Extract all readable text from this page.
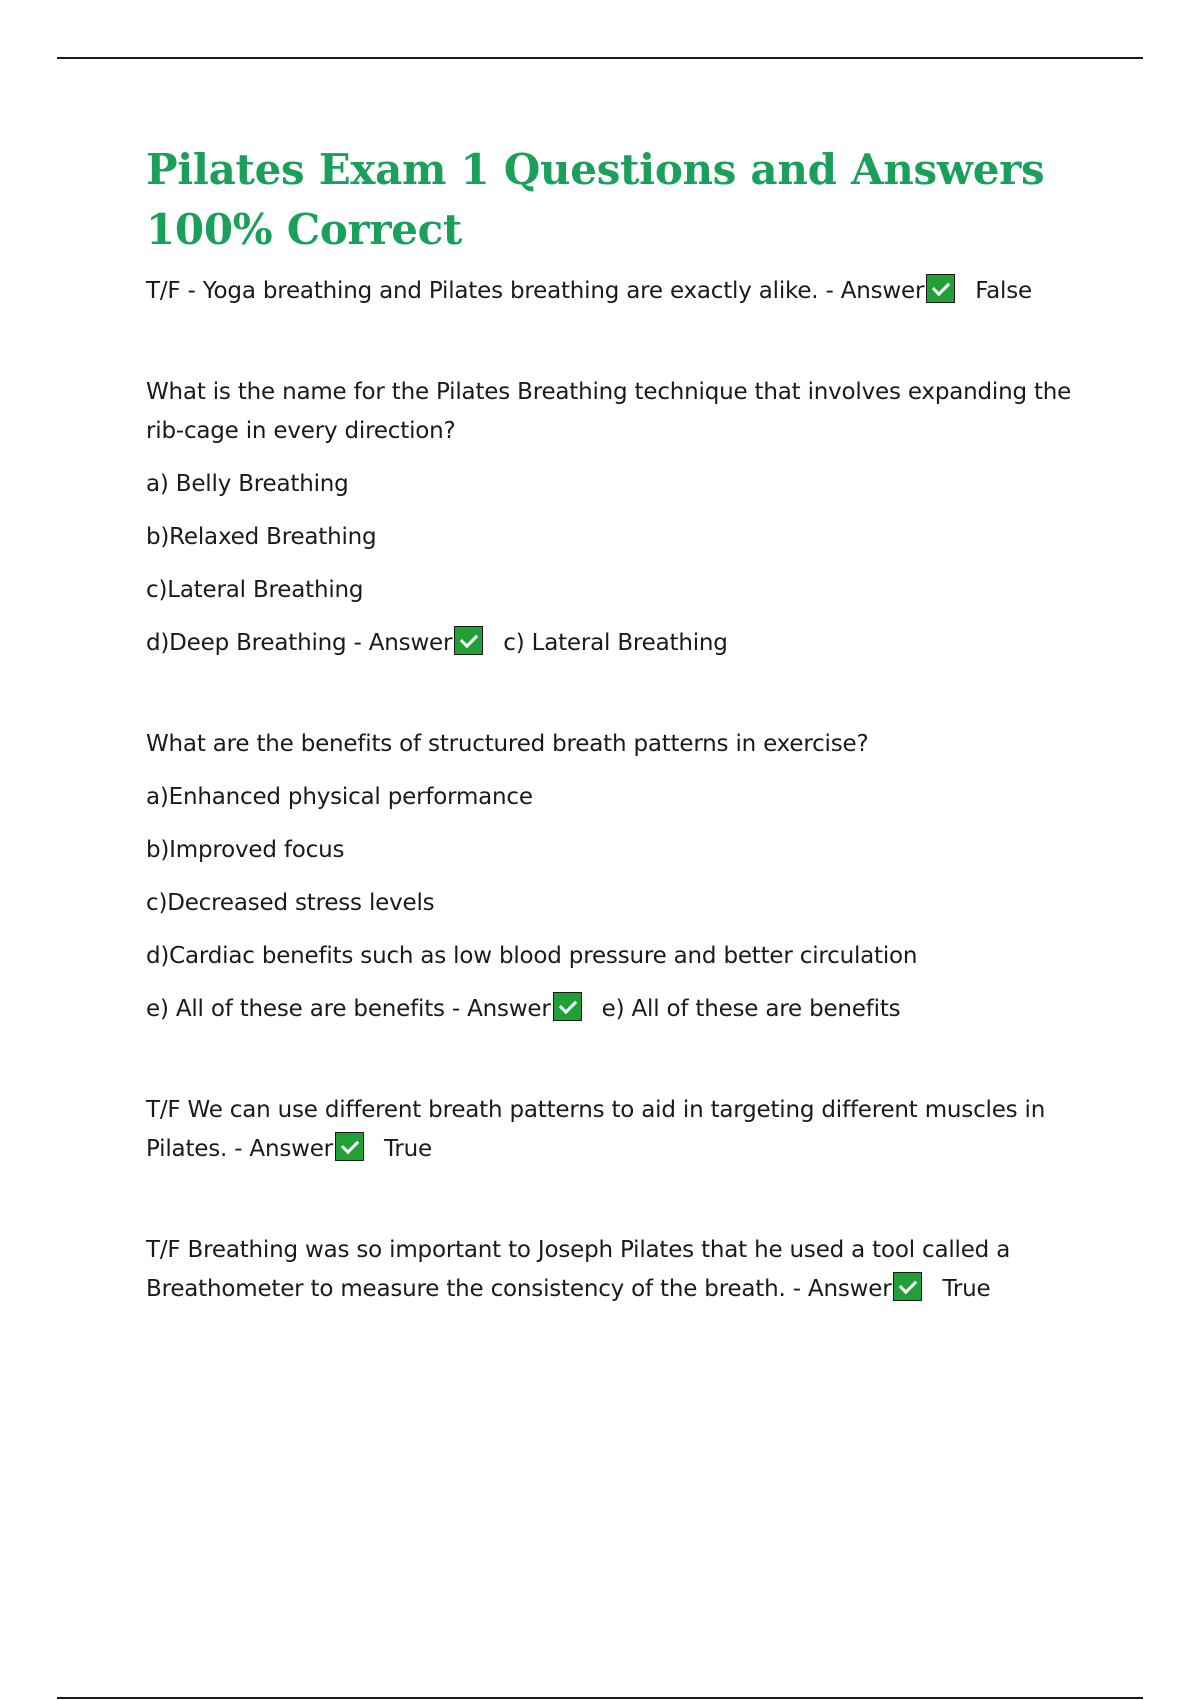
Pilates Exam 1 Questions and Answers 100% Correct

T/F - Yoga breathing and Pilates breathing are exactly alike. - Answer False

What is the name for the Pilates Breathing technique that involves expanding the rib-cage in every direction?

a) Belly Breathing

b)Relaxed Breathing

c)Lateral Breathing

d)Deep Breathing - Answer c) Lateral Breathing

What are the benefits of structured breath patterns in exercise?

a)Enhanced physical performance

b)Improved focus

c)Decreased stress levels

d)Cardiac benefits such as low blood pressure and better circulation

e) All of these are benefits - Answer e) All of these are benefits

T/F We can use different breath patterns to aid in targeting different muscles in Pilates. - Answer True

T/F Breathing was so important to Joseph Pilates that he used a tool called a Breathometer to measure the consistency of the breath. - Answer True
